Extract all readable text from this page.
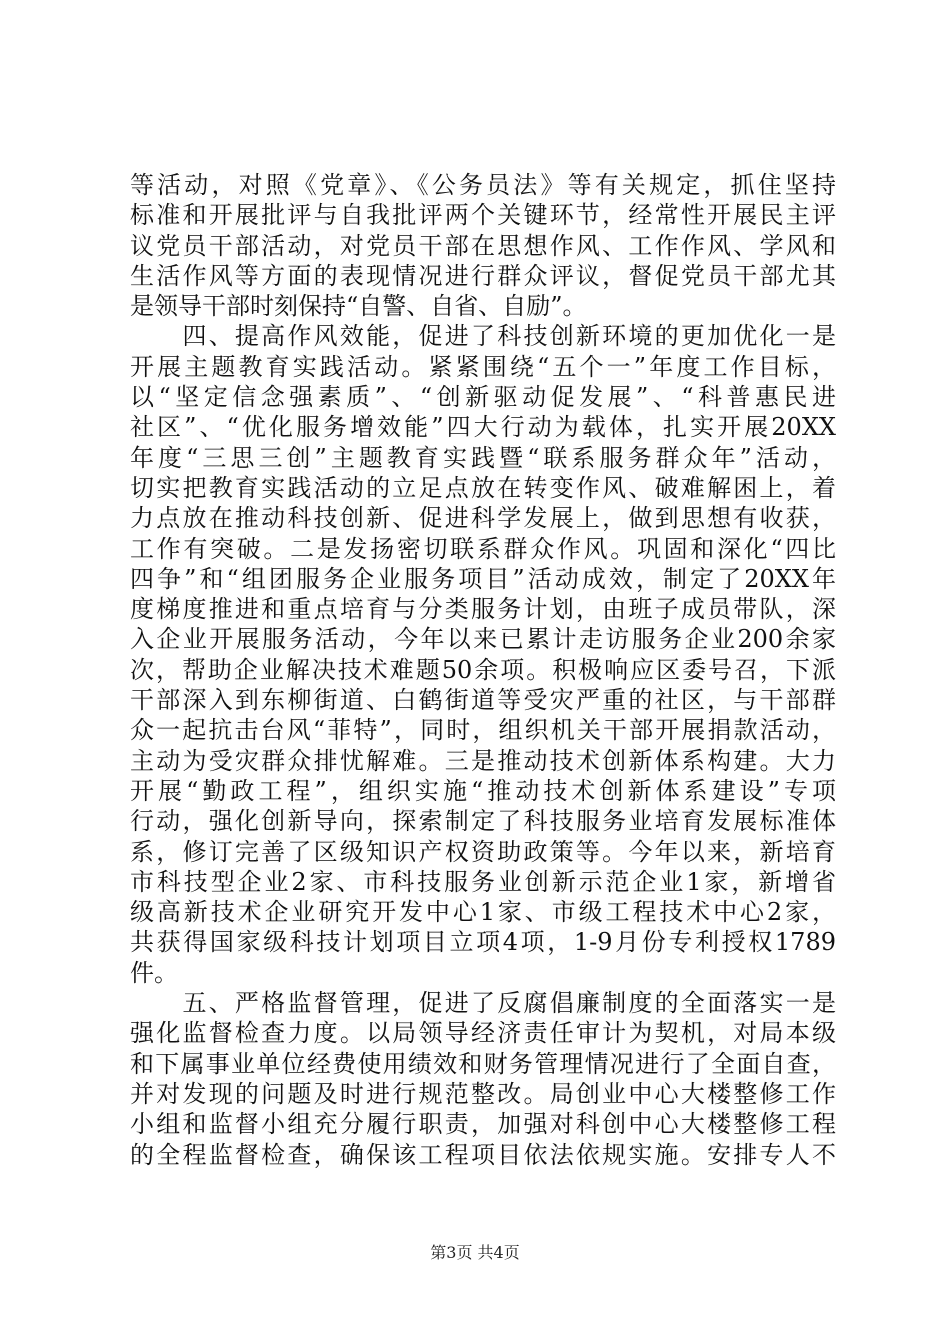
等活动，对照《党章》、《公务员法》等有关规定，抓住坚持
标准和开展批评与自我批评两个关键环节，经常性开展民主评
议党员干部活动，对党员干部在思想作风、工作作风、学风和
生活作风等方面的表现情况进行群众评议，督促党员干部尤其
是领导干部时刻保持“自警、自省、自励”。
　　四、提高作风效能，促进了科技创新环境的更加优化一是
开展主题教育实践活动。紧紧围绕“五个一”年度工作目标，
以“坚定信念强素质”、“创新驱动促发展”、“科普惠民进
社区”、“优化服务增效能”四大行动为载体，扎实开展20XX
年度“三思三创”主题教育实践暨“联系服务群众年”活动，
切实把教育实践活动的立足点放在转变作风、破难解困上，着
力点放在推动科技创新、促进科学发展上，做到思想有收获，
工作有突破。二是发扬密切联系群众作风。巩固和深化“四比
四争”和“组团服务企业服务项目”活动成效，制定了20XX年
度梯度推进和重点培育与分类服务计划，由班子成员带队，深
入企业开展服务活动，今年以来已累计走访服务企业200余家
次，帮助企业解决技术难题50余项。积极响应区委号召，下派
干部深入到东柳街道、白鹤街道等受灾严重的社区，与干部群
众一起抗击台风“菲特”，同时，组织机关干部开展捐款活动，
主动为受灾群众排忧解难。三是推动技术创新体系构建。大力
开展“勤政工程”，组织实施“推动技术创新体系建设”专项
行动，强化创新导向，探索制定了科技服务业培育发展标准体
系，修订完善了区级知识产权资助政策等。今年以来，新培育
市科技型企业2家、市科技服务业创新示范企业1家，新增省
级高新技术企业研究开发中心1家、市级工程技术中心2家，
共获得国家级科技计划项目立项4项，1-9月份专利授权1789
件。
　　五、严格监督管理，促进了反腐倡廉制度的全面落实一是
强化监督检查力度。以局领导经济责任审计为契机，对局本级
和下属事业单位经费使用绩效和财务管理情况进行了全面自查，
并对发现的问题及时进行规范整改。局创业中心大楼整修工作
小组和监督小组充分履行职责，加强对科创中心大楼整修工程
的全程监督检查，确保该工程项目依法依规实施。安排专人不
第3页 共4页
